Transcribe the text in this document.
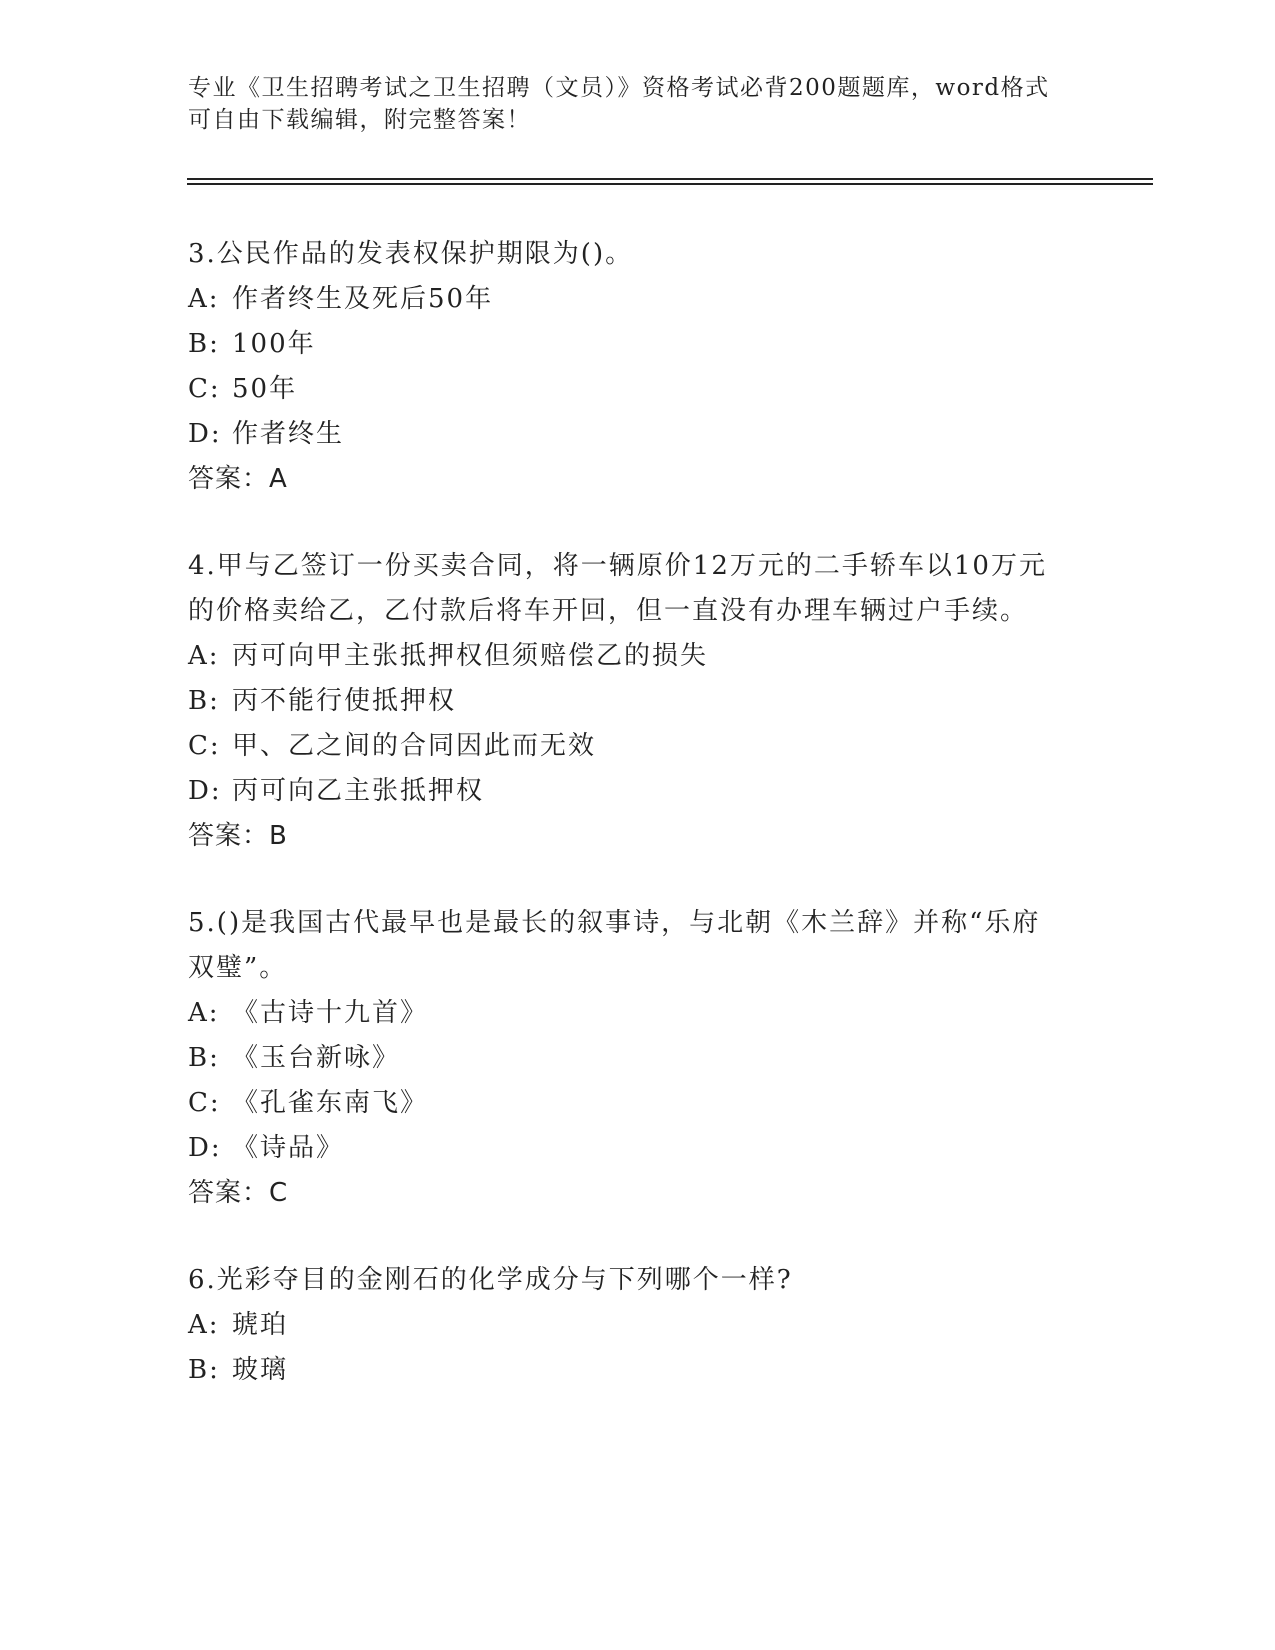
专业《卫生招聘考试之卫生招聘（文员）》资格考试必背200题题库，word格式
可自由下载编辑，附完整答案！

3.公民作品的发表权保护期限为()。

A: 作者终生及死后50年

B: 100年

C: 50年

D: 作者终生

答案：A

4.甲与乙签订一份买卖合同，将一辆原价12万元的二手轿车以10万元的价格卖给乙，乙付款后将车开回，但一直没有办理车辆过户手续。

A: 丙可向甲主张抵押权但须赔偿乙的损失

B: 丙不能行使抵押权

C: 甲、乙之间的合同因此而无效

D: 丙可向乙主张抵押权

答案：B

5.()是我国古代最早也是最长的叙事诗，与北朝《木兰辞》并称“乐府双璧”。

A: 《古诗十九首》

B: 《玉台新咏》

C: 《孔雀东南飞》

D: 《诗品》

答案：C

6.光彩夺目的金刚石的化学成分与下列哪个一样?

A: 琥珀

B: 玻璃
